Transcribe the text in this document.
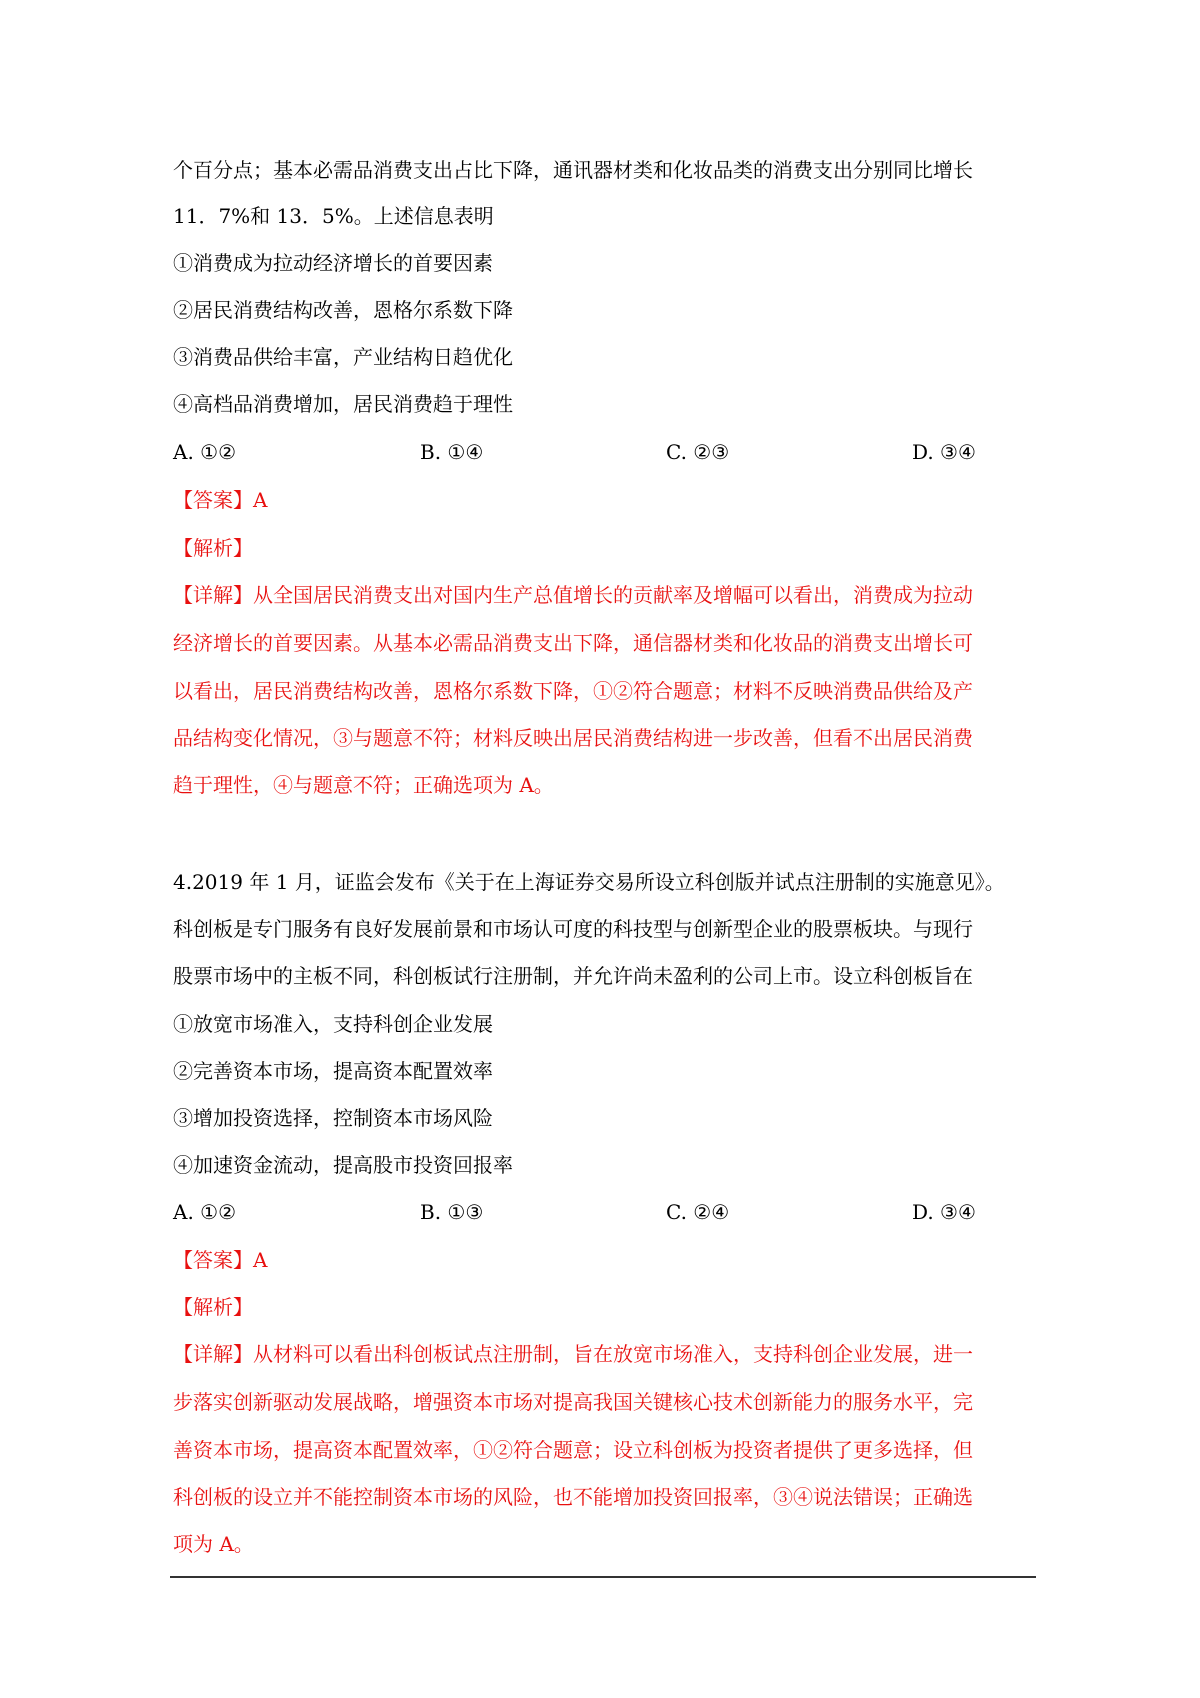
个百分点；基本必需品消费支出占比下降，通讯器材类和化妆品类的消费支出分别同比增长
11．7%和 13．5%。上述信息表明
①消费成为拉动经济增长的首要因素
②居民消费结构改善，恩格尔系数下降
③消费品供给丰富，产业结构日趋优化
④高档品消费增加，居民消费趋于理性
A. ①②	B. ①④	C. ②③	D. ③④
【答案】A
【解析】
【详解】从全国居民消费支出对国内生产总值增长的贡献率及增幅可以看出，消费成为拉动
经济增长的首要因素。从基本必需品消费支出下降，通信器材类和化妆品的消费支出增长可
以看出，居民消费结构改善，恩格尔系数下降，①②符合题意；材料不反映消费品供给及产
品结构变化情况，③与题意不符；材料反映出居民消费结构进一步改善，但看不出居民消费
趋于理性，④与题意不符；正确选项为 A。
4.2019 年 1 月，证监会发布《关于在上海证券交易所设立科创版并试点注册制的实施意见》。
科创板是专门服务有良好发展前景和市场认可度的科技型与创新型企业的股票板块。与现行
股票市场中的主板不同，科创板试行注册制，并允许尚未盈利的公司上市。设立科创板旨在
①放宽市场准入，支持科创企业发展
②完善资本市场，提高资本配置效率
③增加投资选择，控制资本市场风险
④加速资金流动，提高股市投资回报率
A. ①②	B. ①③	C. ②④	D. ③④
【答案】A
【解析】
【详解】从材料可以看出科创板试点注册制，旨在放宽市场准入，支持科创企业发展，进一
步落实创新驱动发展战略，增强资本市场对提高我国关键核心技术创新能力的服务水平，完
善资本市场，提高资本配置效率，①②符合题意；设立科创板为投资者提供了更多选择，但
科创板的设立并不能控制资本市场的风险，也不能增加投资回报率，③④说法错误；正确选
项为 A。
